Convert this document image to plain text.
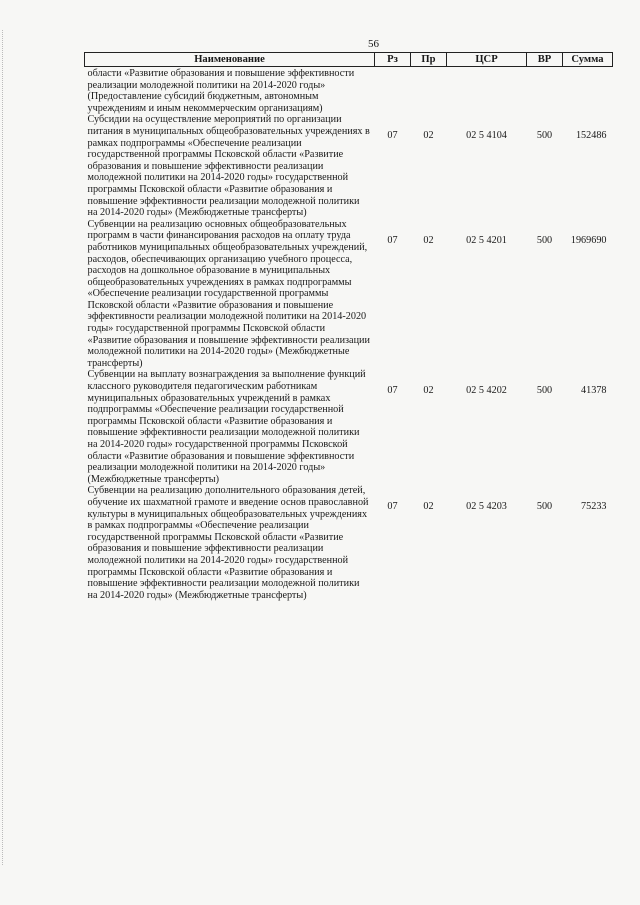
56
Наименование	Рз	Пр	ЦСР	ВР	Сумма
области «Развитие образования и повышение эффективности реализации молодежной политики на 2014-2020 годы» (Предоставление субсидий бюджетным, автономным учреждениям и иным некоммерческим организациям)					
Субсидии на осуществление мероприятий по организации питания в муниципальных общеобразовательных учреждениях в рамках подпрограммы «Обеспечение реализации государственной программы Псковской области «Развитие образования и повышение эффективности реализации молодежной политики на 2014-2020 годы» государственной программы Псковской области «Развитие образования и повышение эффективности реализации молодежной политики на 2014-2020 годы» (Межбюджетные трансферты)	07	02	02 5 4104	500	152486
Субвенции на реализацию основных общеобразовательных программ в части финансирования расходов на оплату труда работников муниципальных общеобразовательных учреждений, расходов, обеспечивающих организацию учебного процесса, расходов на дошкольное образование в муниципальных общеобразовательных учреждениях в рамках подпрограммы «Обеспечение реализации государственной программы Псковской области «Развитие образования и повышение эффективности реализации молодежной политики на 2014-2020 годы» государственной программы Псковской области «Развитие образования и повышение эффективности реализации молодежной политики на 2014-2020 годы» (Межбюджетные трансферты)	07	02	02 5 4201	500	1969690
Субвенции на выплату вознаграждения за выполнение функций классного руководителя педагогическим работникам муниципальных образовательных учреждений в рамках подпрограммы «Обеспечение реализации государственной программы Псковской области «Развитие образования и повышение эффективности реализации молодежной политики на 2014-2020 годы» государственной программы Псковской области «Развитие образования и повышение эффективности реализации молодежной политики на 2014-2020 годы» (Межбюджетные трансферты)	07	02	02 5 4202	500	41378
Субвенции на реализацию дополнительного образования детей, обучение их шахматной грамоте и введение основ православной культуры в муниципальных общеобразовательных учреждениях в рамках подпрограммы «Обеспечение реализации государственной программы Псковской области «Развитие образования и повышение эффективности реализации молодежной политики на 2014-2020 годы» государственной программы Псковской области «Развитие образования и повышение эффективности реализации молодежной политики на 2014-2020 годы» (Межбюджетные трансферты)	07	02	02 5 4203	500	75233
